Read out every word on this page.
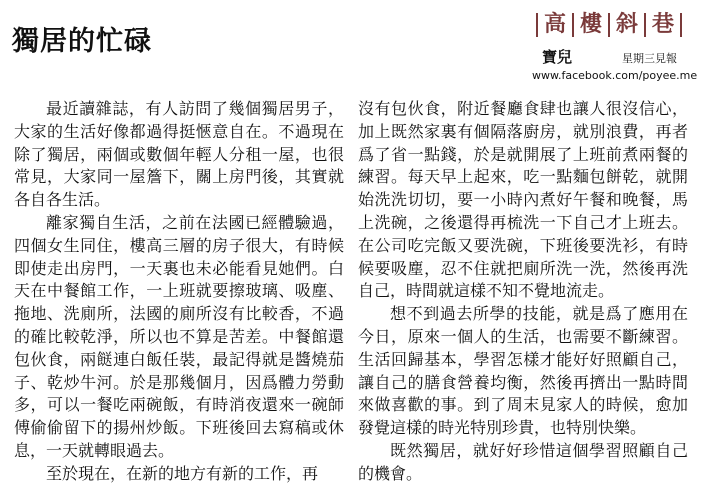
獨居的忙碌
高 樓 斜 巷
寶兒	星期三見報
www.facebook.com/poyee.me

最近讀雜誌，有人訪問了幾個獨居男子，大家的生活好像都過得挺愜意自在。不過現在除了獨居，兩個或數個年輕人分租一屋，也很常見，大家同一屋簷下，關上房門後，其實就各自各生活。

離家獨自生活，之前在法國已經體驗過，四個女生同住，樓高三層的房子很大，有時候即使走出房門，一天裏也未必能看見她們。白天在中餐館工作，一上班就要擦玻璃、吸塵、拖地、洗廁所，法國的廁所沒有比較香，不過的確比較乾淨，所以也不算是苦差。中餐館還包伙食，兩餸連白飯任裝，最記得就是醬燒茄子、乾炒牛河。於是那幾個月，因爲體力勞動多，可以一餐吃兩碗飯，有時消夜還來一碗師傅偷偷留下的揚州炒飯。下班後回去寫稿或休息，一天就轉眼過去。

至於現在，在新的地方有新的工作，再

沒有包伙食，附近餐廳食肆也讓人很沒信心，加上既然家裏有個隔落廚房，就別浪費，再者爲了省一點錢，於是就開展了上班前煮兩餐的練習。每天早上起來，吃一點麵包餅乾，就開始洗洗切切，要一小時內煮好午餐和晚餐，馬上洗碗，之後還得再梳洗一下自己才上班去。在公司吃完飯又要洗碗，下班後要洗衫，有時候要吸塵，忍不住就把廁所洗一洗，然後再洗自己，時間就這樣不知不覺地流走。

想不到過去所學的技能，就是爲了應用在今日，原來一個人的生活，也需要不斷練習。生活回歸基本，學習怎樣才能好好照顧自己，讓自己的膳食營養均衡，然後再擠出一點時間來做喜歡的事。到了周末見家人的時候，愈加發覺這樣的時光特別珍貴，也特別快樂。

既然獨居，就好好珍惜這個學習照顧自己的機會。
